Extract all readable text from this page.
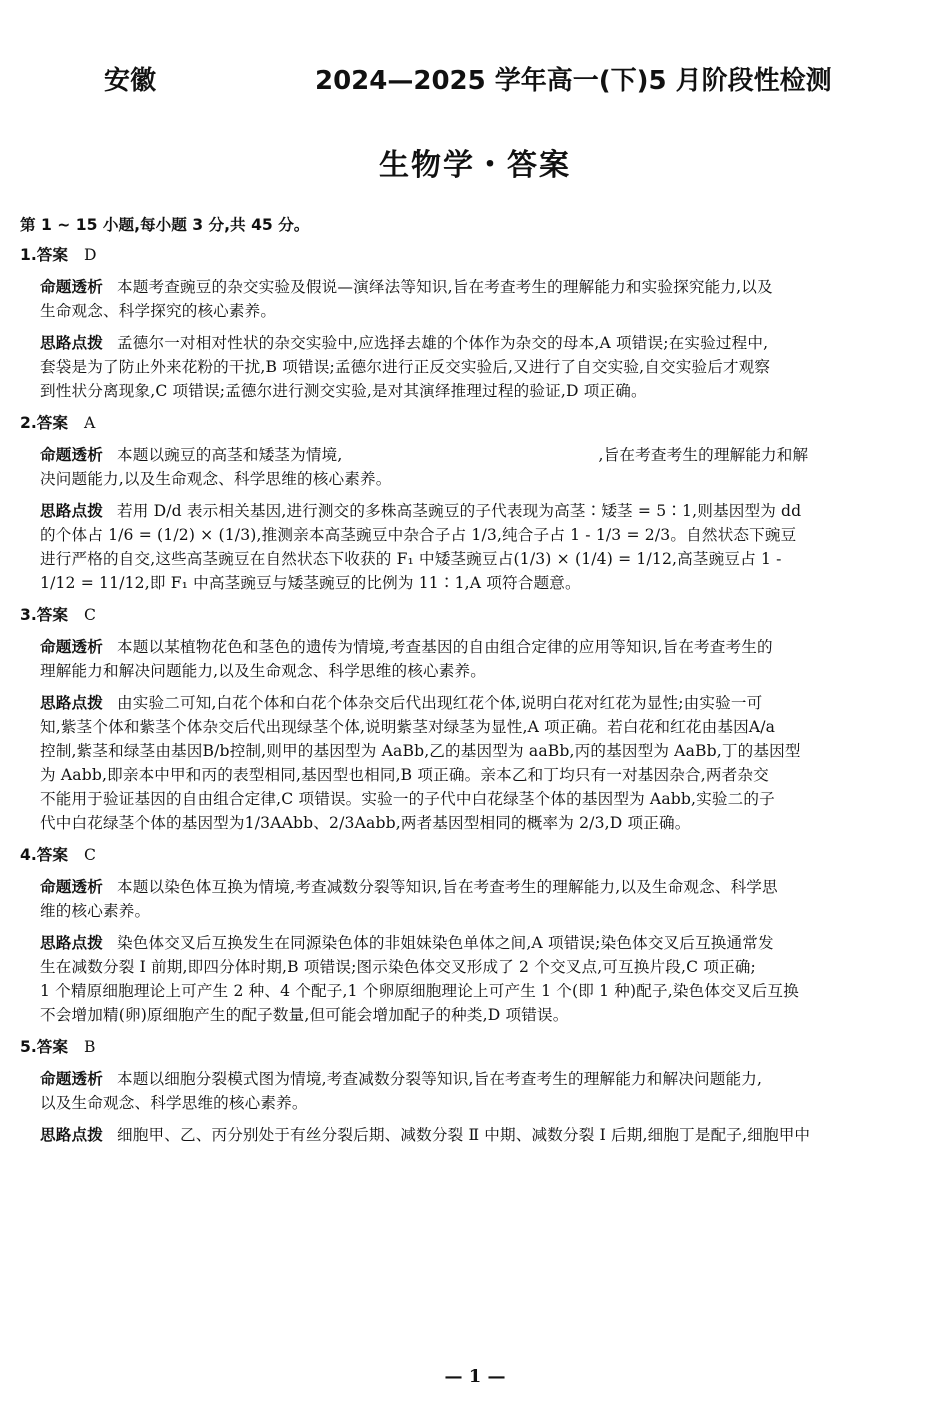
安徽	2024—2025 学年高一(下)5 月阶段性检测
生物学・答案
第 1 ~ 15 小题,每小题 3 分,共 45 分。
1.答案 D
命题透析 本题考查豌豆的杂交实验及假说—演绎法等知识,旨在考查考生的理解能力和实验探究能力,以及
生命观念、科学探究的核心素养。
思路点拨 孟德尔一对相对性状的杂交实验中,应选择去雄的个体作为杂交的母本,A 项错误;在实验过程中,
套袋是为了防止外来花粉的干扰,B 项错误;孟德尔进行正反交实验后,又进行了自交实验,自交实验后才观察
到性状分离现象,C 项错误;孟德尔进行测交实验,是对其演绎推理过程的验证,D 项正确。
2.答案 A
命题透析 本题以豌豆的高茎和矮茎为情境,	,旨在考查考生的理解能力和解
决问题能力,以及生命观念、科学思维的核心素养。
思路点拨 若用 D/d 表示相关基因,进行测交的多株高茎豌豆的子代表现为高茎∶矮茎 = 5∶1,则基因型为 dd
的个体占 1/6 = (1/2) × (1/3),推测亲本高茎豌豆中杂合子占 1/3,纯合子占 1 - 1/3 = 2/3。自然状态下豌豆
进行严格的自交,这些高茎豌豆在自然状态下收获的 F₁ 中矮茎豌豆占(1/3) × (1/4) = 1/12,高茎豌豆占 1 -
1/12 = 11/12,即 F₁ 中高茎豌豆与矮茎豌豆的比例为 11∶1,A 项符合题意。
3.答案 C
命题透析 本题以某植物花色和茎色的遗传为情境,考查基因的自由组合定律的应用等知识,旨在考查考生的
理解能力和解决问题能力,以及生命观念、科学思维的核心素养。
思路点拨 由实验二可知,白花个体和白花个体杂交后代出现红花个体,说明白花对红花为显性;由实验一可
知,紫茎个体和紫茎个体杂交后代出现绿茎个体,说明紫茎对绿茎为显性,A 项正确。若白花和红花由基因A/a
控制,紫茎和绿茎由基因B/b控制,则甲的基因型为 AaBb,乙的基因型为 aaBb,丙的基因型为 AaBb,丁的基因型
为 Aabb,即亲本中甲和丙的表型相同,基因型也相同,B 项正确。亲本乙和丁均只有一对基因杂合,两者杂交
不能用于验证基因的自由组合定律,C 项错误。实验一的子代中白花绿茎个体的基因型为 Aabb,实验二的子
代中白花绿茎个体的基因型为1/3AAbb、2/3Aabb,两者基因型相同的概率为 2/3,D 项正确。
4.答案 C
命题透析 本题以染色体互换为情境,考查减数分裂等知识,旨在考查考生的理解能力,以及生命观念、科学思
维的核心素养。
思路点拨 染色体交叉后互换发生在同源染色体的非姐妹染色单体之间,A 项错误;染色体交叉后互换通常发
生在减数分裂 Ⅰ 前期,即四分体时期,B 项错误;图示染色体交叉形成了 2 个交叉点,可互换片段,C 项正确;
1 个精原细胞理论上可产生 2 种、4 个配子,1 个卵原细胞理论上可产生 1 个(即 1 种)配子,染色体交叉后互换
不会增加精(卵)原细胞产生的配子数量,但可能会增加配子的种类,D 项错误。
5.答案 B
命题透析 本题以细胞分裂模式图为情境,考查减数分裂等知识,旨在考查考生的理解能力和解决问题能力,
以及生命观念、科学思维的核心素养。
思路点拨 细胞甲、乙、丙分别处于有丝分裂后期、减数分裂 Ⅱ 中期、减数分裂 Ⅰ 后期,细胞丁是配子,细胞甲中
— 1 —
